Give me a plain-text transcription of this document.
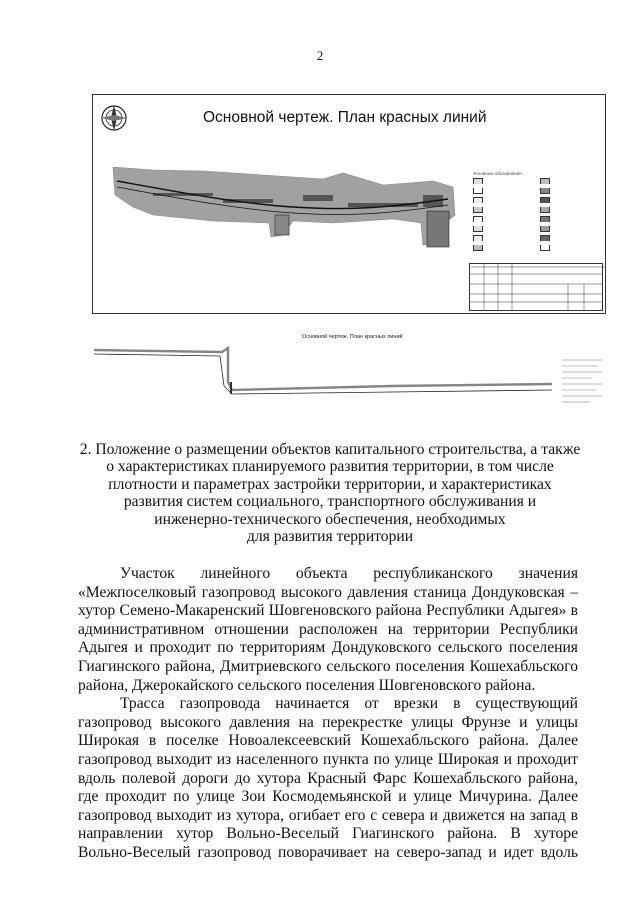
2
Основной чертеж. План красных линий
Условные обозначения:
Основной чертеж. План красных линий
2. Положение о размещении объектов капитального строительства, а также
о характеристиках планируемого развития территории, в том числе
плотности и параметрах застройки территории, и характеристиках
развития систем социального, транспортного обслуживания и
инженерно-технического обеспечения, необходимых
для развития территории
Участок линейного объекта республиканского значения
«Межпоселковый газопровод высокого давления станица Дондуковская –
хутор Семено-Макаренский Шовгеновского района Республики Адыгея» в
административном отношении расположен на территории Республики
Адыгея и проходит по территориям Дондуковского сельского поселения
Гиагинского района, Дмитриевского сельского поселения Кошехабльского
района, Джерокайского сельского поселения Шовгеновского района.
Трасса газопровода начинается от врезки в существующий
газопровод высокого давления на перекрестке улицы Фрунзе и улицы
Широкая в поселке Новоалексеевский Кошехабльского района. Далее
газопровод выходит из населенного пункта по улице Широкая и проходит
вдоль полевой дороги до хутора Красный Фарс Кошехабльского района,
где проходит по улице Зои Космодемьянской и улице Мичурина. Далее
газопровод выходит из хутора, огибает его с севера и движется на запад в
направлении хутор Вольно-Веселый Гиагинского района. В хуторе
Вольно-Веселый газопровод поворачивает на северо-запад и идет вдоль
